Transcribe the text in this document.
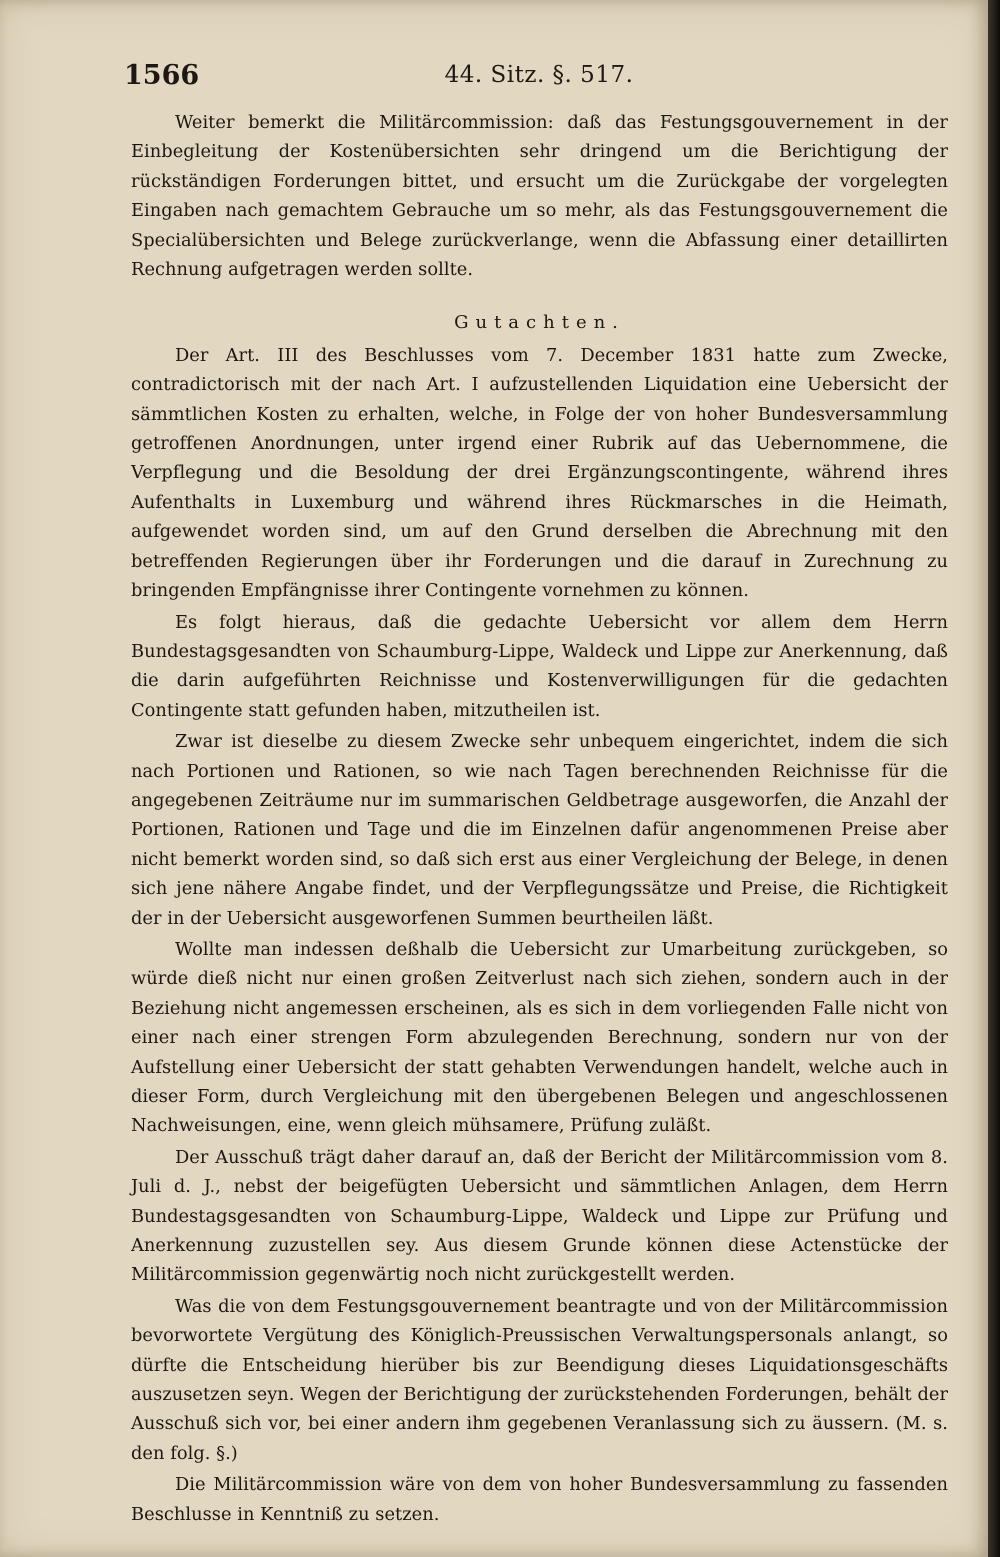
1566	44. Sitz. §. 517.

Weiter bemerkt die Militärcommission: daß das Festungsgouvernement in der Einbegleitung der Kostenübersichten sehr dringend um die Berichtigung der rückständigen Forderungen bittet, und ersucht um die Zurückgabe der vorgelegten Eingaben nach gemachtem Gebrauche um so mehr, als das Festungsgouvernement die Specialübersichten und Belege zurückverlange, wenn die Abfassung einer detaillirten Rechnung aufgetragen werden sollte.

Gutachten.

Der Art. III des Beschlusses vom 7. December 1831 hatte zum Zwecke, contradictorisch mit der nach Art. I aufzustellenden Liquidation eine Uebersicht der sämmtlichen Kosten zu erhalten, welche, in Folge der von hoher Bundesversammlung getroffenen Anordnungen, unter irgend einer Rubrik auf das Uebernommene, die Verpflegung und die Besoldung der drei Ergänzungscontingente, während ihres Aufenthalts in Luxemburg und während ihres Rückmarsches in die Heimath, aufgewendet worden sind, um auf den Grund derselben die Abrechnung mit den betreffenden Regierungen über ihr Forderungen und die darauf in Zurechnung zu bringenden Empfängnisse ihrer Contingente vornehmen zu können.

Es folgt hieraus, daß die gedachte Uebersicht vor allem dem Herrn Bundestagsgesandten von Schaumburg-Lippe, Waldeck und Lippe zur Anerkennung, daß die darin aufgeführten Reichnisse und Kostenverwilligungen für die gedachten Contingente statt gefunden haben, mitzutheilen ist.

Zwar ist dieselbe zu diesem Zwecke sehr unbequem eingerichtet, indem die sich nach Portionen und Rationen, so wie nach Tagen berechnenden Reichnisse für die angegebenen Zeiträume nur im summarischen Geldbetrage ausgeworfen, die Anzahl der Portionen, Rationen und Tage und die im Einzelnen dafür angenommenen Preise aber nicht bemerkt worden sind, so daß sich erst aus einer Vergleichung der Belege, in denen sich jene nähere Angabe findet, und der Verpflegungssätze und Preise, die Richtigkeit der in der Uebersicht ausgeworfenen Summen beurtheilen läßt.

Wollte man indessen deßhalb die Uebersicht zur Umarbeitung zurückgeben, so würde dieß nicht nur einen großen Zeitverlust nach sich ziehen, sondern auch in der Beziehung nicht angemessen erscheinen, als es sich in dem vorliegenden Falle nicht von einer nach einer strengen Form abzulegenden Berechnung, sondern nur von der Aufstellung einer Uebersicht der statt gehabten Verwendungen handelt, welche auch in dieser Form, durch Vergleichung mit den übergebenen Belegen und angeschlossenen Nachweisungen, eine, wenn gleich mühsamere, Prüfung zuläßt.

Der Ausschuß trägt daher darauf an, daß der Bericht der Militärcommission vom 8. Juli d. J., nebst der beigefügten Uebersicht und sämmtlichen Anlagen, dem Herrn Bundestagsgesandten von Schaumburg-Lippe, Waldeck und Lippe zur Prüfung und Anerkennung zuzustellen sey. Aus diesem Grunde können diese Actenstücke der Militärcommission gegenwärtig noch nicht zurückgestellt werden.

Was die von dem Festungsgouvernement beantragte und von der Militärcommission bevorwortete Vergütung des Königlich-Preussischen Verwaltungspersonals anlangt, so dürfte die Entscheidung hierüber bis zur Beendigung dieses Liquidationsgeschäfts auszusetzen seyn. Wegen der Berichtigung der zurückstehenden Forderungen, behält der Ausschuß sich vor, bei einer andern ihm gegebenen Veranlassung sich zu äussern. (M. s. den folg. §.)

Die Militärcommission wäre von dem von hoher Bundesversammlung zu fassenden Beschlusse in Kenntniß zu setzen.
